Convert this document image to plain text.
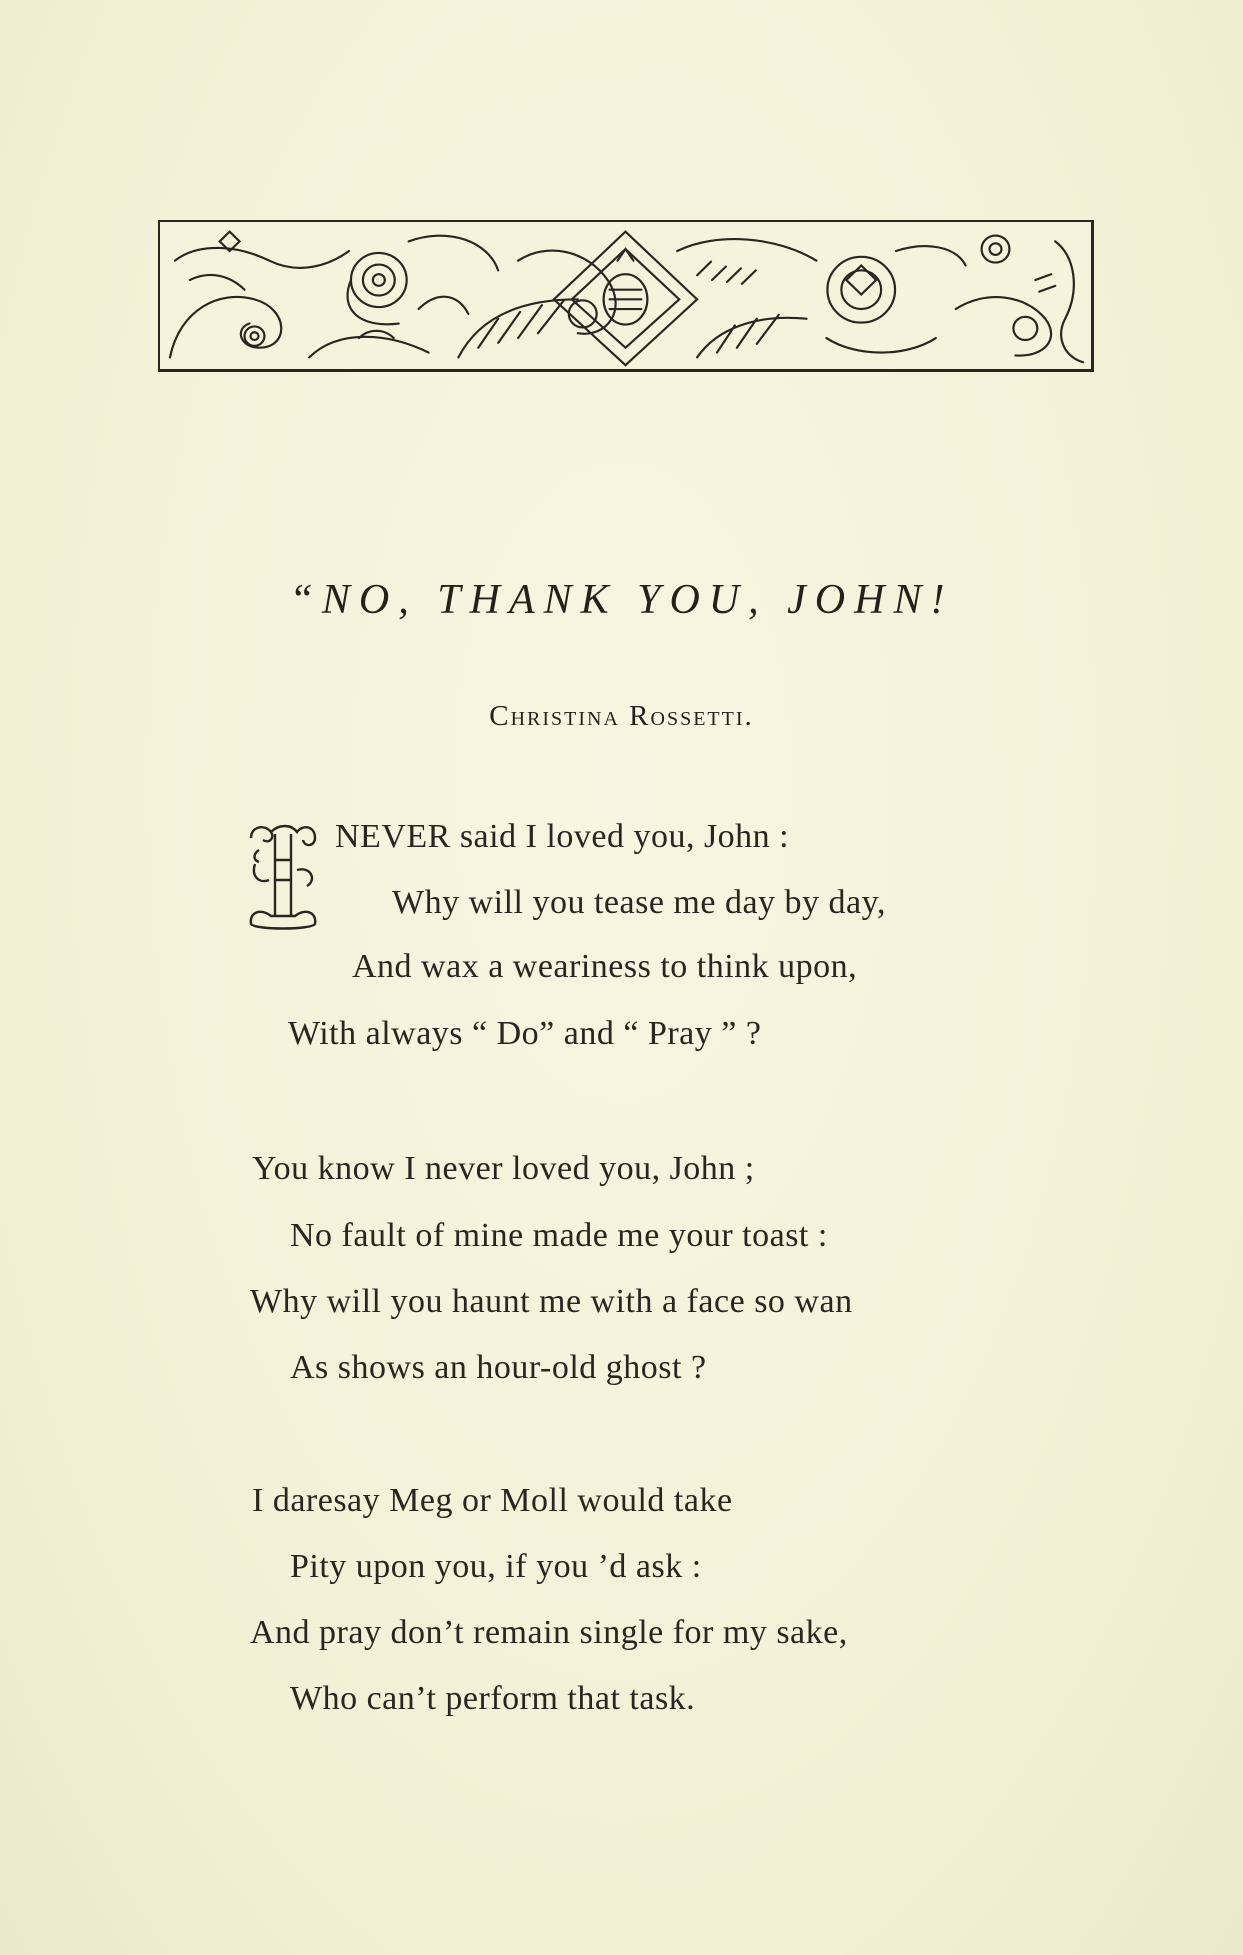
“NO, THANK YOU, JOHN!
Christina Rossetti.
I
NEVER said I loved you, John :
Why will you tease me day by day,
And wax a weariness to think upon,
With always “ Do” and “ Pray ” ?
You know I never loved you, John ;
No fault of mine made me your toast :
Why will you haunt me with a face so wan
As shows an hour-old ghost ?
I daresay Meg or Moll would take
Pity upon you, if you ’d ask :
And pray don’t remain single for my sake,
Who can’t perform that task.
